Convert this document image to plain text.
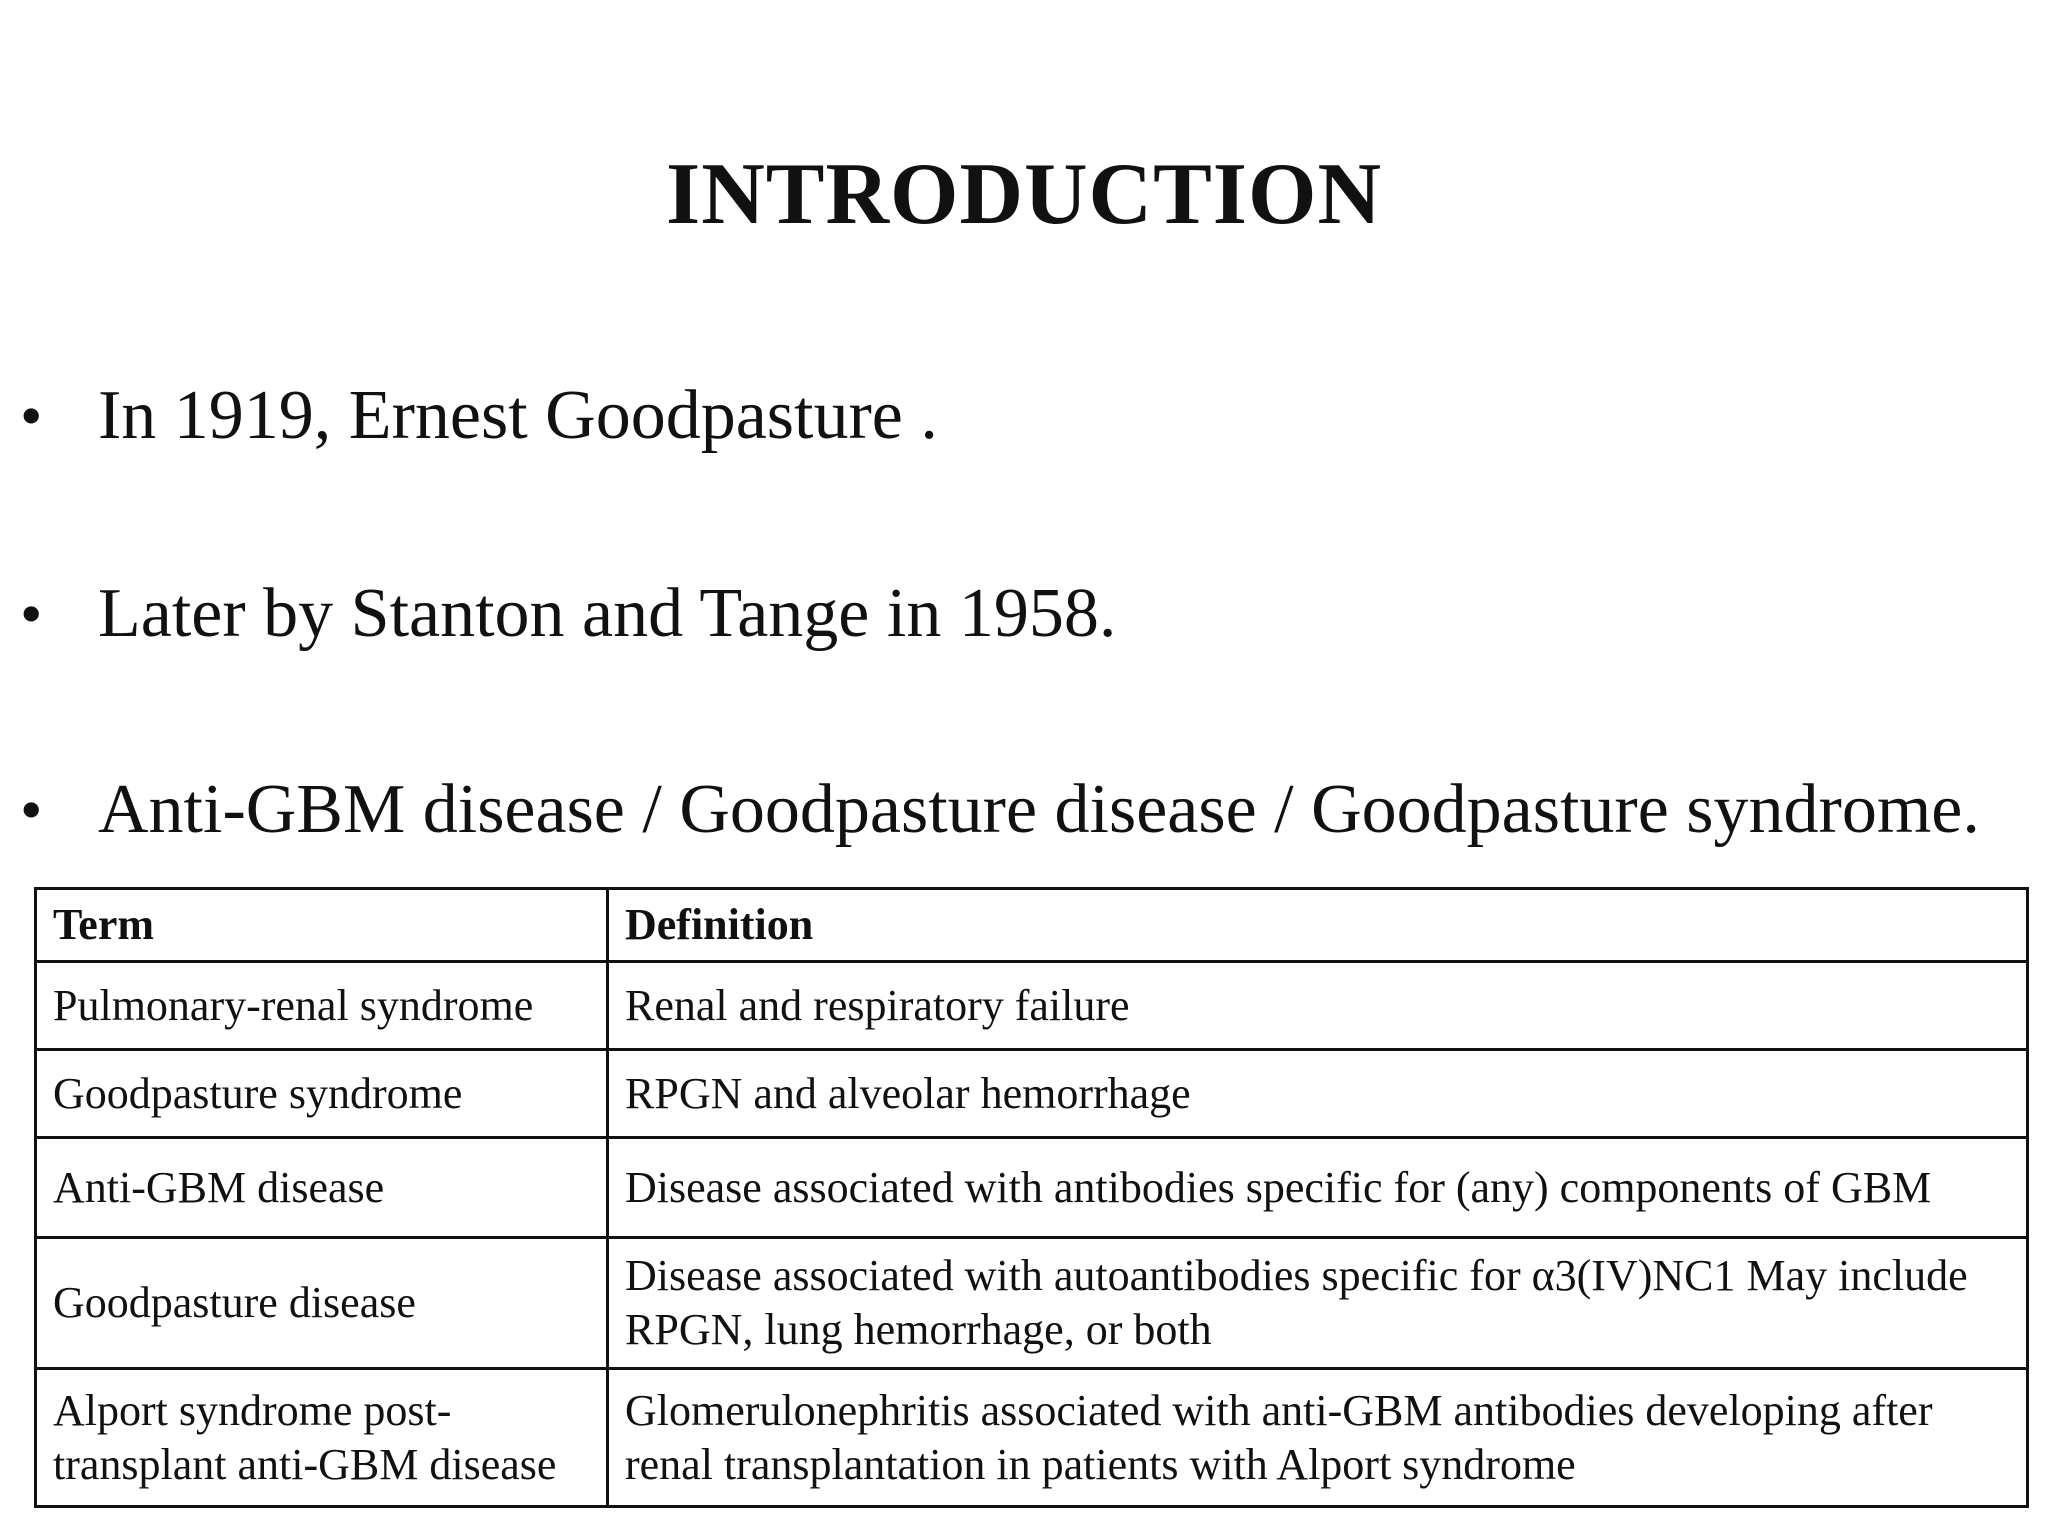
INTRODUCTION
• In 1919, Ernest Goodpasture .
• Later by Stanton and Tange in 1958.
• Anti-GBM disease / Goodpasture disease / Goodpasture syndrome.
Term	Definition
Pulmonary-renal syndrome	Renal and respiratory failure
Goodpasture syndrome	RPGN and alveolar hemorrhage
Anti-GBM disease	Disease associated with antibodies specific for (any) components of GBM
Goodpasture disease	Disease associated with autoantibodies specific for α3(IV)NC1 May include RPGN, lung hemorrhage, or both
Alport syndrome post-transplant anti-GBM disease	Glomerulonephritis associated with anti-GBM antibodies developing after renal transplantation in patients with Alport syndrome
